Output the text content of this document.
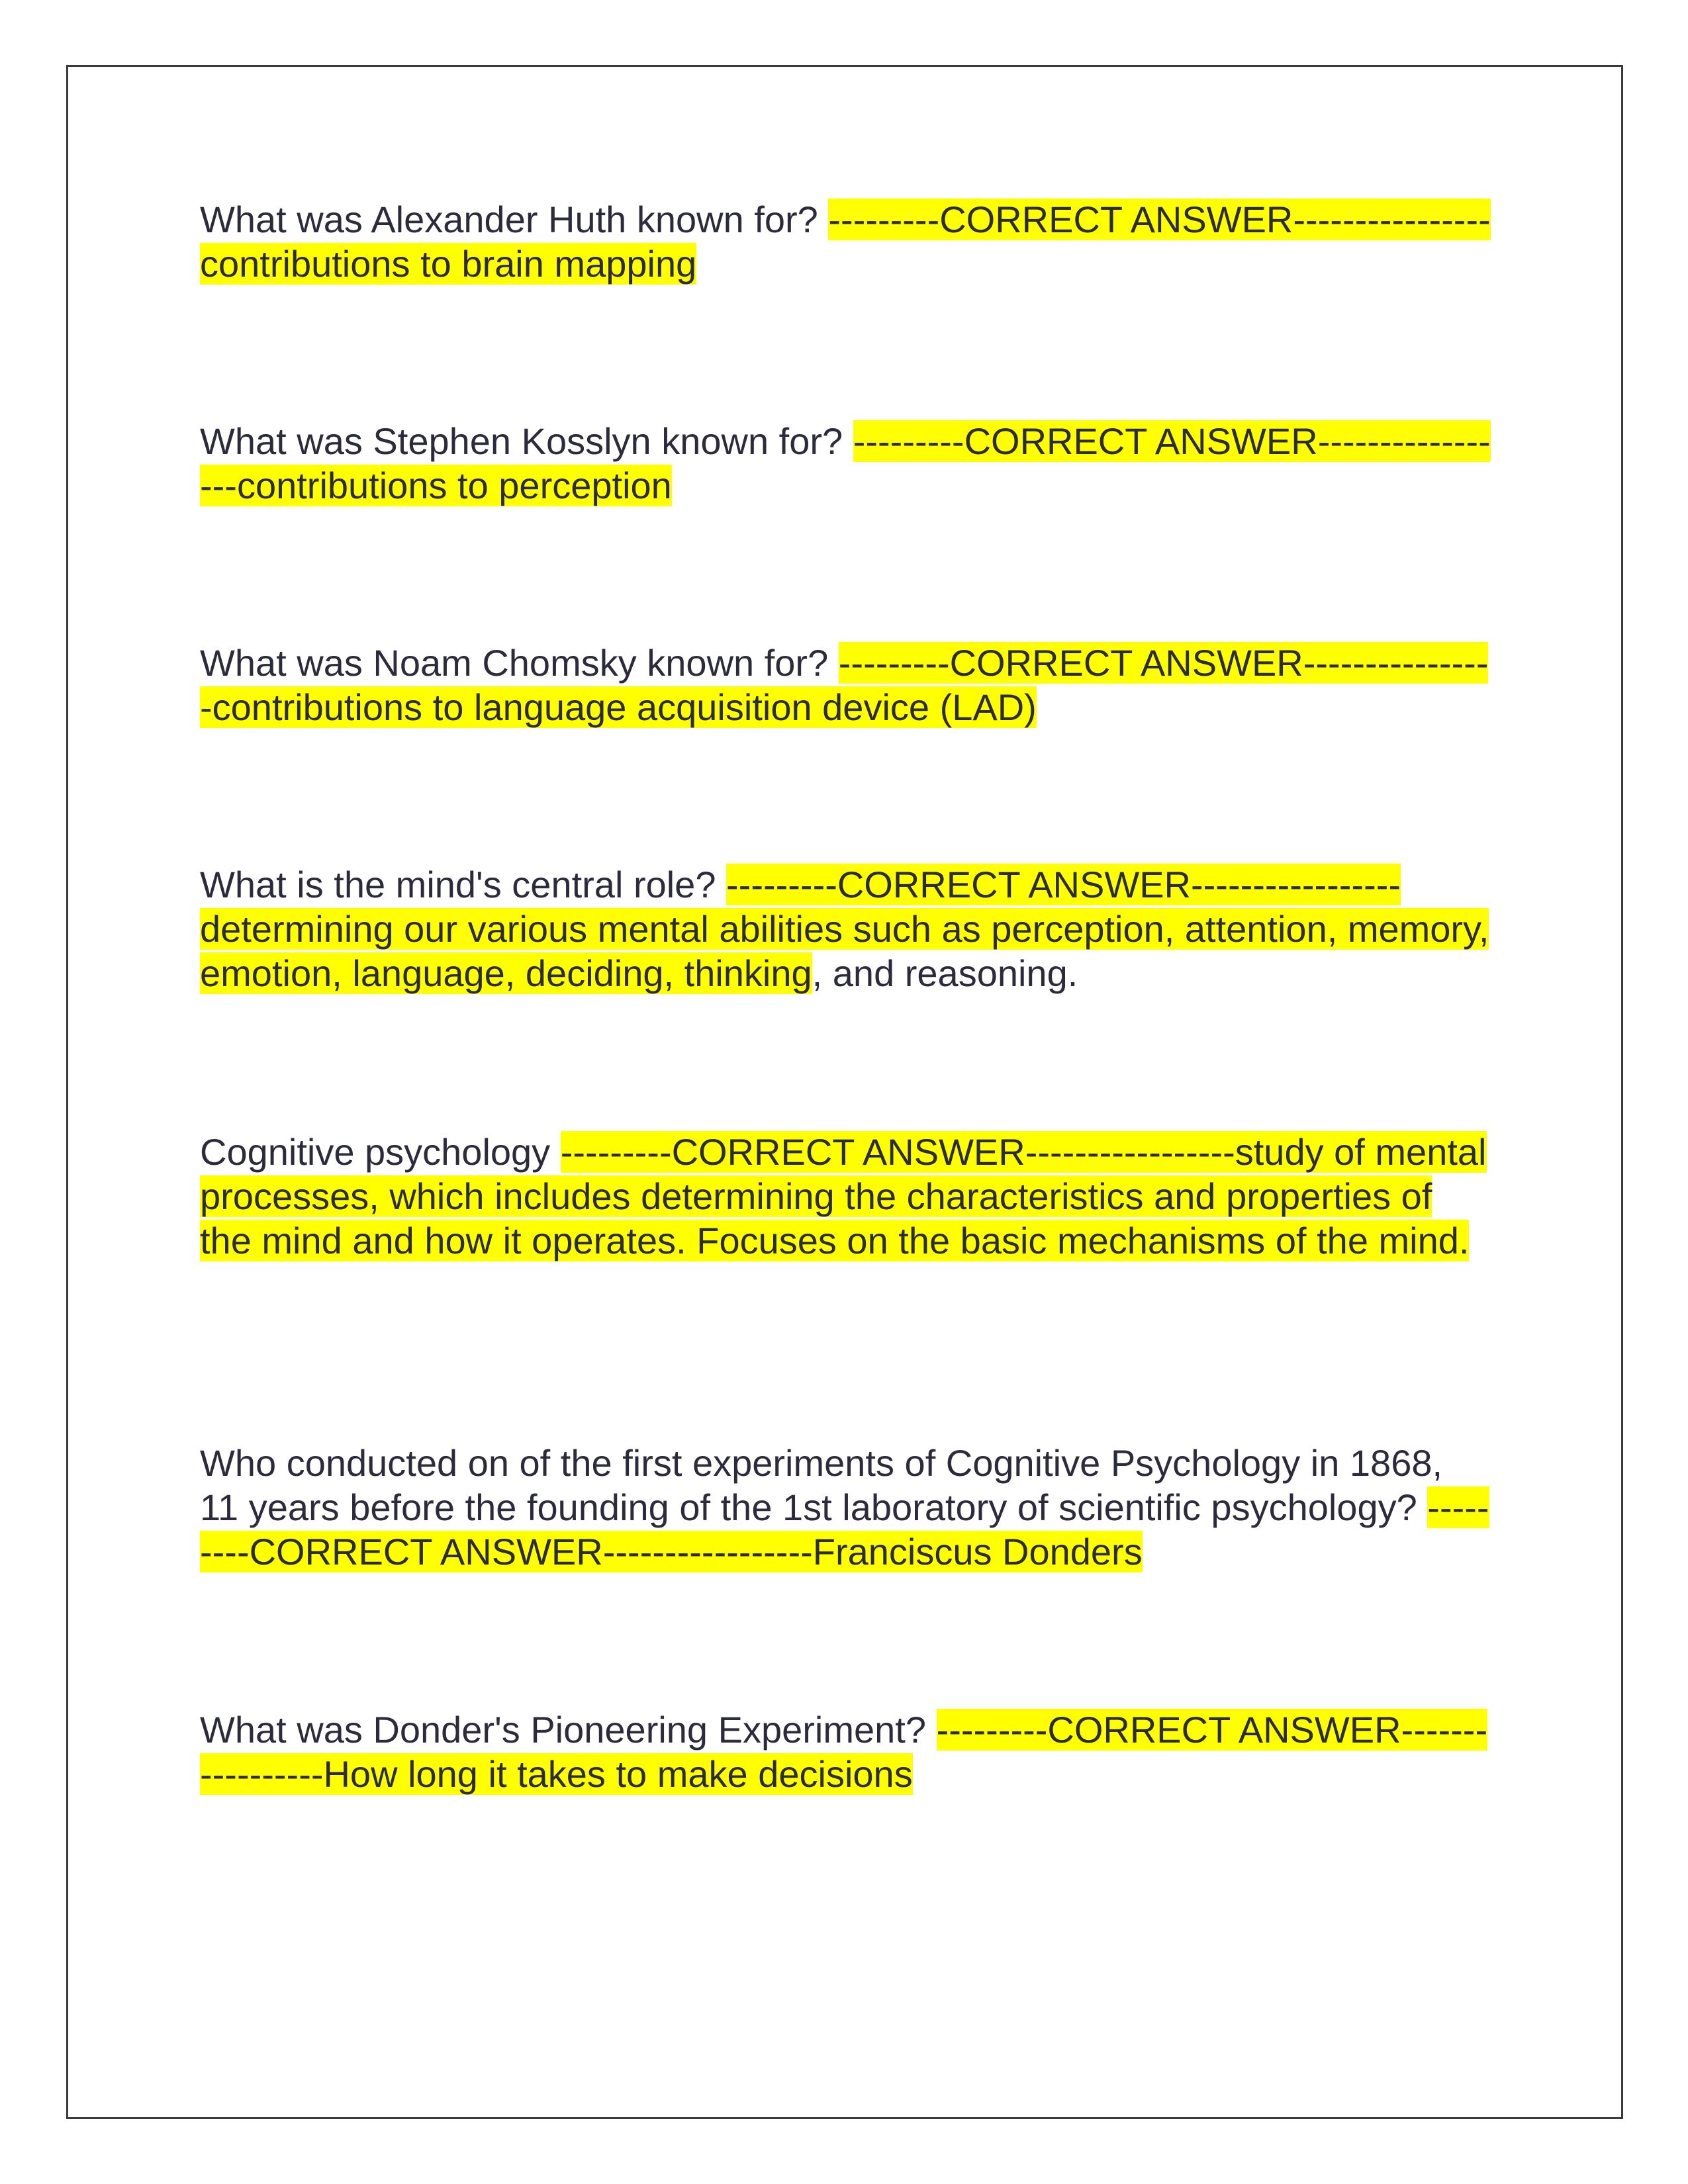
What was Alexander Huth known for? ---------CORRECT ANSWER----------------contributions to brain mapping

What was Stephen Kosslyn known for? ---------CORRECT ANSWER-----------------contributions to perception

What was Noam Chomsky known for? ---------CORRECT ANSWER----------------contributions to language acquisition device (LAD)

What is the mind's central role? ---------CORRECT ANSWER-----------------determining our various mental abilities such as perception, attention, memory, emotion, language, deciding, thinking, and reasoning.

Cognitive psychology ---------CORRECT ANSWER-----------------study of mental processes, which includes determining the characteristics and properties of the mind and how it operates. Focuses on the basic mechanisms of the mind.

Who conducted on of the first experiments of Cognitive Psychology in 1868, 11 years before the founding of the 1st laboratory of scientific psychology? ---------CORRECT ANSWER-----------------Franciscus Donders

What was Donder's Pioneering Experiment? ---------CORRECT ANSWER-----------------How long it takes to make decisions
